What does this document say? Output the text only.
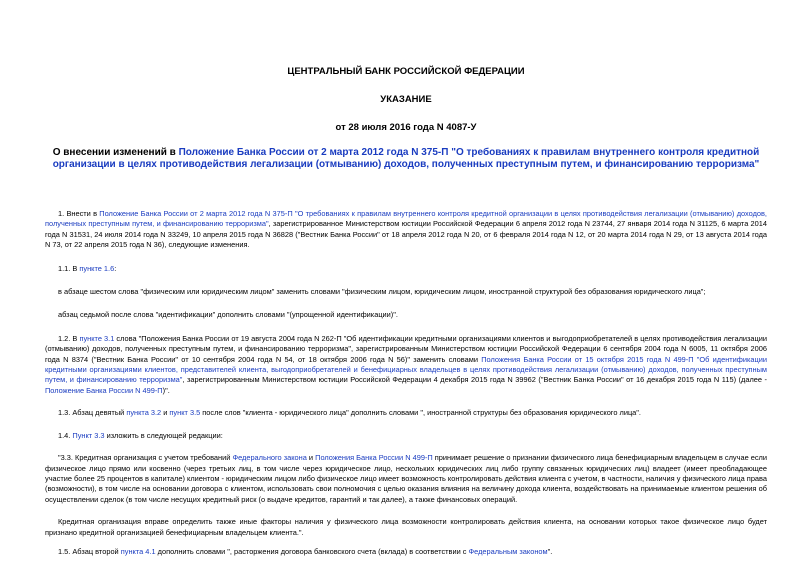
ЦЕНТРАЛЬНЫЙ БАНК РОССИЙСКОЙ ФЕДЕРАЦИИ
УКАЗАНИЕ
от 28 июля 2016 года N 4087-У
О внесении изменений в Положение Банка России от 2 марта 2012 года N 375-П "О требованиях к правилам внутреннего контроля кредитной организации в целях противодействия легализации (отмыванию) доходов, полученных преступным путем, и финансированию терроризма"

1. Внести в Положение Банка России от 2 марта 2012 года N 375-П "О требованиях к правилам внутреннего контроля кредитной организации в целях противодействия легализации (отмыванию) доходов, полученных преступным путем, и финансированию терроризма", зарегистрированное Министерством юстиции Российской Федерации 6 апреля 2012 года N 23744, 27 января 2014 года N 31125, 6 марта 2014 года N 31531, 24 июля 2014 года N 33249, 10 апреля 2015 года N 36828 ("Вестник Банка России" от 18 апреля 2012 года N 20, от 6 февраля 2014 года N 12, от 20 марта 2014 года N 29, от 13 августа 2014 года N 73, от 22 апреля 2015 года N 36), следующие изменения.

1.1. В пункте 1.6:

в абзаце шестом слова "физическим или юридическим лицом" заменить словами "физическим лицом, юридическим лицом, иностранной структурой без образования юридического лица";

абзац седьмой после слова "идентификации" дополнить словами "(упрощенной идентификации)".

1.2. В пункте 3.1 слова "Положения Банка России от 19 августа 2004 года N 262-П "Об идентификации кредитными организациями клиентов и выгодоприобретателей в целях противодействия легализации (отмыванию) доходов, полученных преступным путем, и финансированию терроризма", зарегистрированным Министерством юстиции Российской Федерации 6 сентября 2004 года N 6005, 11 октября 2006 года N 8374 ("Вестник Банка России" от 10 сентября 2004 года N 54, от 18 октября 2006 года N 56)" заменить словами Положения Банка России от 15 октября 2015 года N 499-П "Об идентификации кредитными организациями клиентов, представителей клиента, выгодоприобретателей и бенефициарных владельцев в целях противодействия легализации (отмыванию) доходов, полученных преступным путем, и финансированию терроризма", зарегистрированным Министерством юстиции Российской Федерации 4 декабря 2015 года N 39962 ("Вестник Банка России" от 16 декабря 2015 года N 115) (далее - Положение Банка России N 499-П)".

1.3. Абзац девятый пункта 3.2 и пункт 3.5 после слов "клиента - юридического лица" дополнить словами ", иностранной структуры без образования юридического лица".

1.4. Пункт 3.3 изложить в следующей редакции:

"3.3. Кредитная организация с учетом требований Федерального закона и Положения Банка России N 499-П принимает решение о признании физического лица бенефициарным владельцем в случае если физическое лицо прямо или косвенно (через третьих лиц, в том числе через юридическое лицо, нескольких юридических лиц либо группу связанных юридических лиц) владеет (имеет преобладающее участие более 25 процентов в капитале) клиентом - юридическим лицом либо физическое лицо имеет возможность контролировать действия клиента с учетом, в частности, наличия у физического лица права (возможности), в том числе на основании договора с клиентом, использовать свои полномочия с целью оказания влияния на величину дохода клиента, воздействовать на принимаемые клиентом решения об осуществлении сделок (в том числе несущих кредитный риск (о выдаче кредитов, гарантий и так далее), а также финансовых операций.

Кредитная организация вправе определить также иные факторы наличия у физического лица возможности контролировать действия клиента, на основании которых такое физическое лицо будет признано кредитной организацией бенефициарным владельцем клиента.".

1.5. Абзац второй пункта 4.1 дополнить словами ", расторжения договора банковского счета (вклада) в соответствии с Федеральным законом".
